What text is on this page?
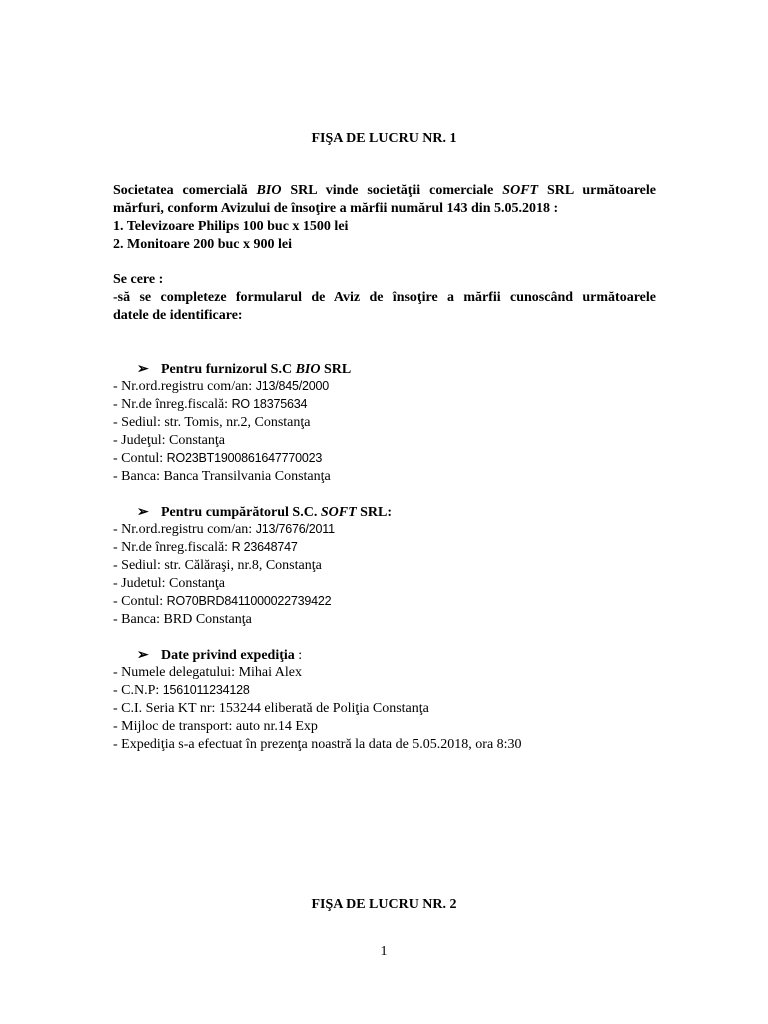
FIŞA DE LUCRU NR. 1
Societatea comercială BIO SRL vinde societăţii comerciale SOFT SRL următoarele
mărfuri, conform Avizului de însoţire a mărfii numărul 143 din 5.05.2018 :
1. Televizoare Philips 100 buc x 1500 lei
2. Monitoare 200 buc x 900 lei
Se cere :
-să se completeze formularul de Aviz de însoţire a mărfii cunoscând următoarele
datele de identificare:
➢ Pentru furnizorul S.C BIO SRL
- Nr.ord.registru com/an: J13/845/2000
- Nr.de înreg.fiscală: RO 18375634
- Sediul: str. Tomis, nr.2, Constanţa
- Judeţul: Constanţa
- Contul: RO23BT1900861647770023
- Banca: Banca Transilvania Constanţa
➢ Pentru cumpărătorul S.C. SOFT SRL:
- Nr.ord.registru com/an: J13/7676/2011
- Nr.de înreg.fiscală: R 23648747
- Sediul: str. Călăraşi, nr.8, Constanţa
- Judetul: Constanţa
- Contul: RO70BRD8411000022739422
- Banca: BRD Constanţa
➢ Date privind expediţia :
- Numele delegatului: Mihai Alex
- C.N.P: 1561011234128
- C.I. Seria KT nr: 153244 eliberată de Poliţia Constanţa
- Mijloc de transport: auto nr.14 Exp
- Expediţia s-a efectuat în prezenţa noastră la data de 5.05.2018, ora 8:30
FIŞA DE LUCRU NR. 2
1
